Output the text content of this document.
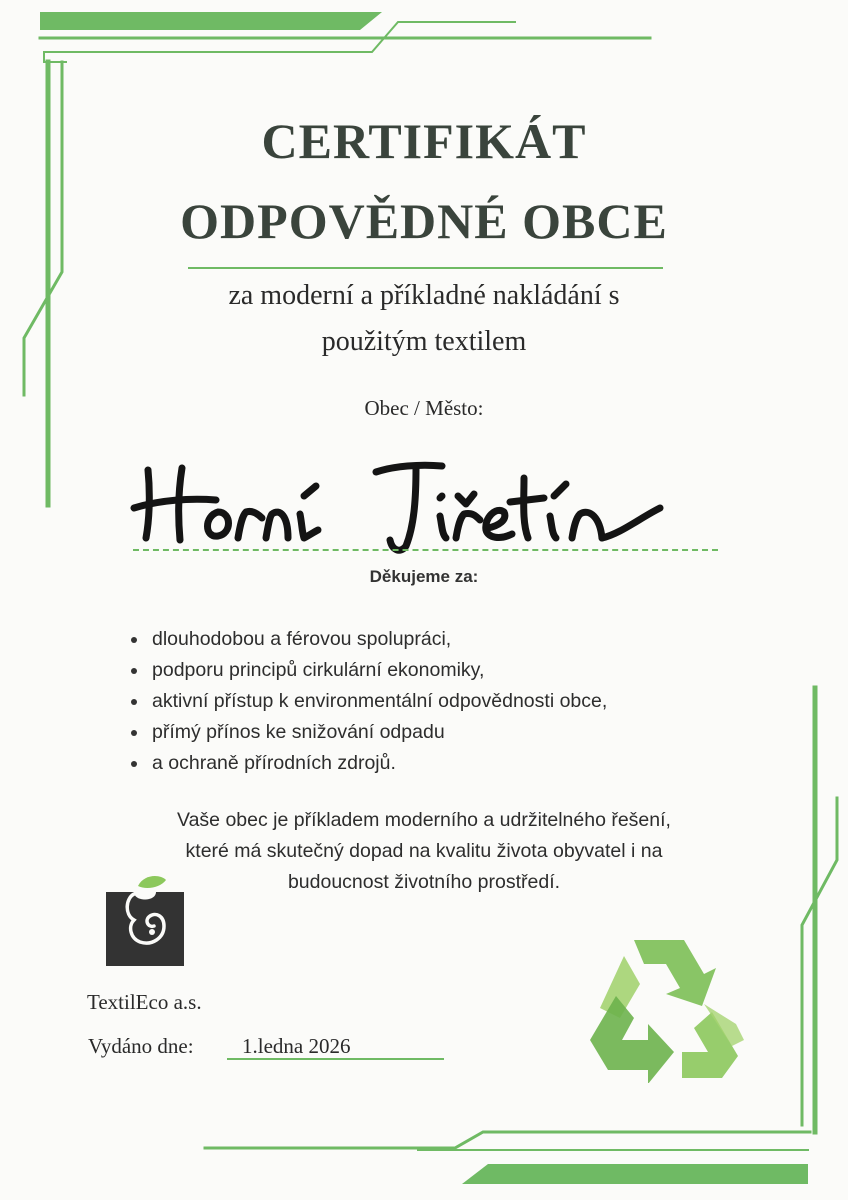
CERTIFIKÁT
ODPOVĚDNÉ OBCE
za moderní a příkladné nakládání s
použitým textilem
Obec / Město:
Děkujeme za:
dlouhodobou a férovou spolupráci,
podporu principů cirkulární ekonomiky,
aktivní přístup k environmentální odpovědnosti obce,
přímý přínos ke snižování odpadu
a ochraně přírodních zdrojů.
Vaše obec je příkladem moderního a udržitelného řešení,
které má skutečný dopad na kvalitu života obyvatel i na
budoucnost životního prostředí.
TextilEco a.s.
Vydáno dne: 1.ledna 2026
